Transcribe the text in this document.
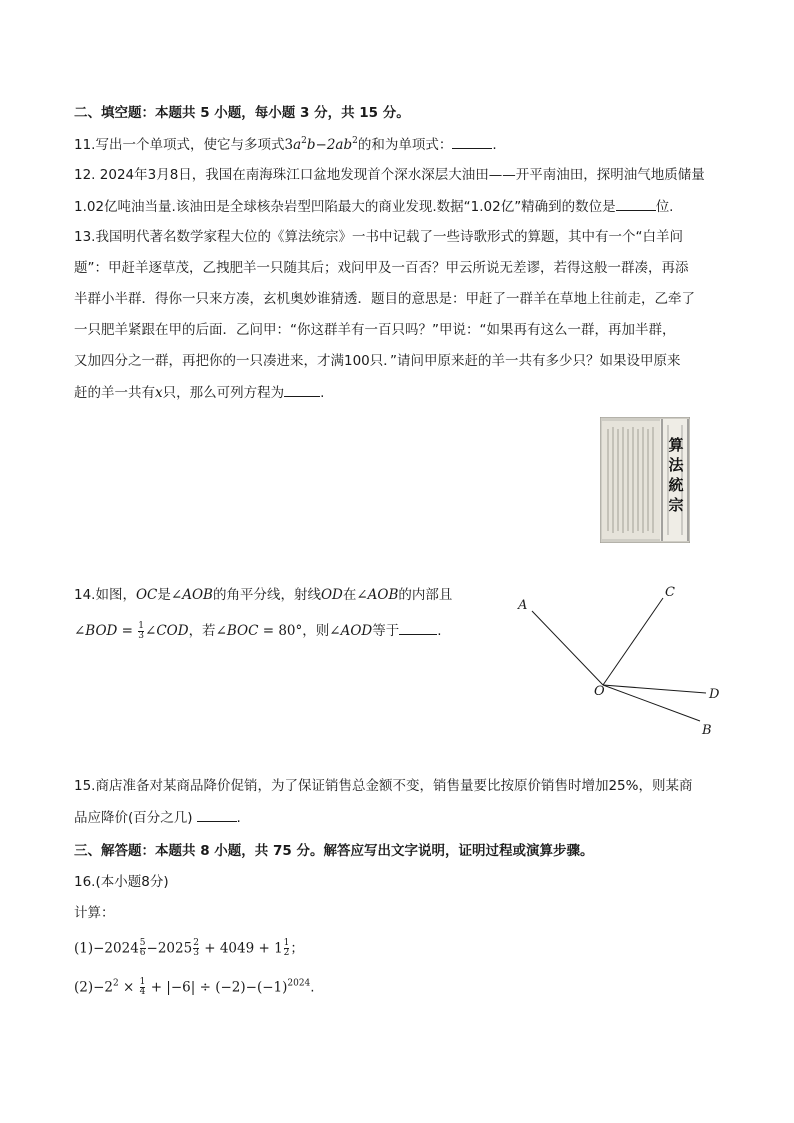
二、填空题：本题共 5 小题，每小题 3 分，共 15 分。
11.写出一个单项式，使它与多项式$3a^2b-2ab^2$的和为单项式：	.
12. 2024年3月8日，我国在南海珠江口盆地发现首个深水深层大油田——开平南油田，探明油气地质储量
1.02亿吨油当量.该油田是全球核杂岩型凹陷最大的商业发现.数据“1.02亿”精确到的数位是	位.
13.我国明代著名数学家程大位的《算法统宗》一书中记载了一些诗歌形式的算题，其中有一个“白羊问
题”：甲赶羊逐草茂，乙拽肥羊一只随其后；戏问甲及一百否？甲云所说无差谬，若得这般一群凑，再添
半群小半群．得你一只来方凑，玄机奥妙谁猜透．题目的意思是：甲赶了一群羊在草地上往前走，乙牵了
一只肥羊紧跟在甲的后面．乙问甲：“你这群羊有一百只吗？”甲说：“如果再有这么一群，再加半群，
又加四分之一群，再把你的一只凑进来，才满100只．”请问甲原来赶的羊一共有多少只？如果设甲原来
赶的羊一共有x只，那么可列方程为	.
算
法
統
宗
14.如图，OC是∠AOB的角平分线，射线OD在∠AOB的内部且
∠BOD = $\frac{1}{3}$ ∠COD，若∠BOC = 80°，则∠AOD等于	.
A
C
O	D
B
15.商店准备对某商品降价促销，为了保证销售总金额不变，销售量要比按原价销售时增加25%，则某商
品应降价(百分之几)	.
三、解答题：本题共 8 小题，共 75 分。解答应写出文字说明，证明过程或演算步骤。
16.(本小题8分)
计算：
$(1)-2024 \frac{5}{6} -2025 \frac{2}{3} + 4049 + 1 \frac{1}{2}$ ；
$(2)-2^2 \times \frac{1}{4} + |-6| \div (-2)-(-1)^{2024}$.
